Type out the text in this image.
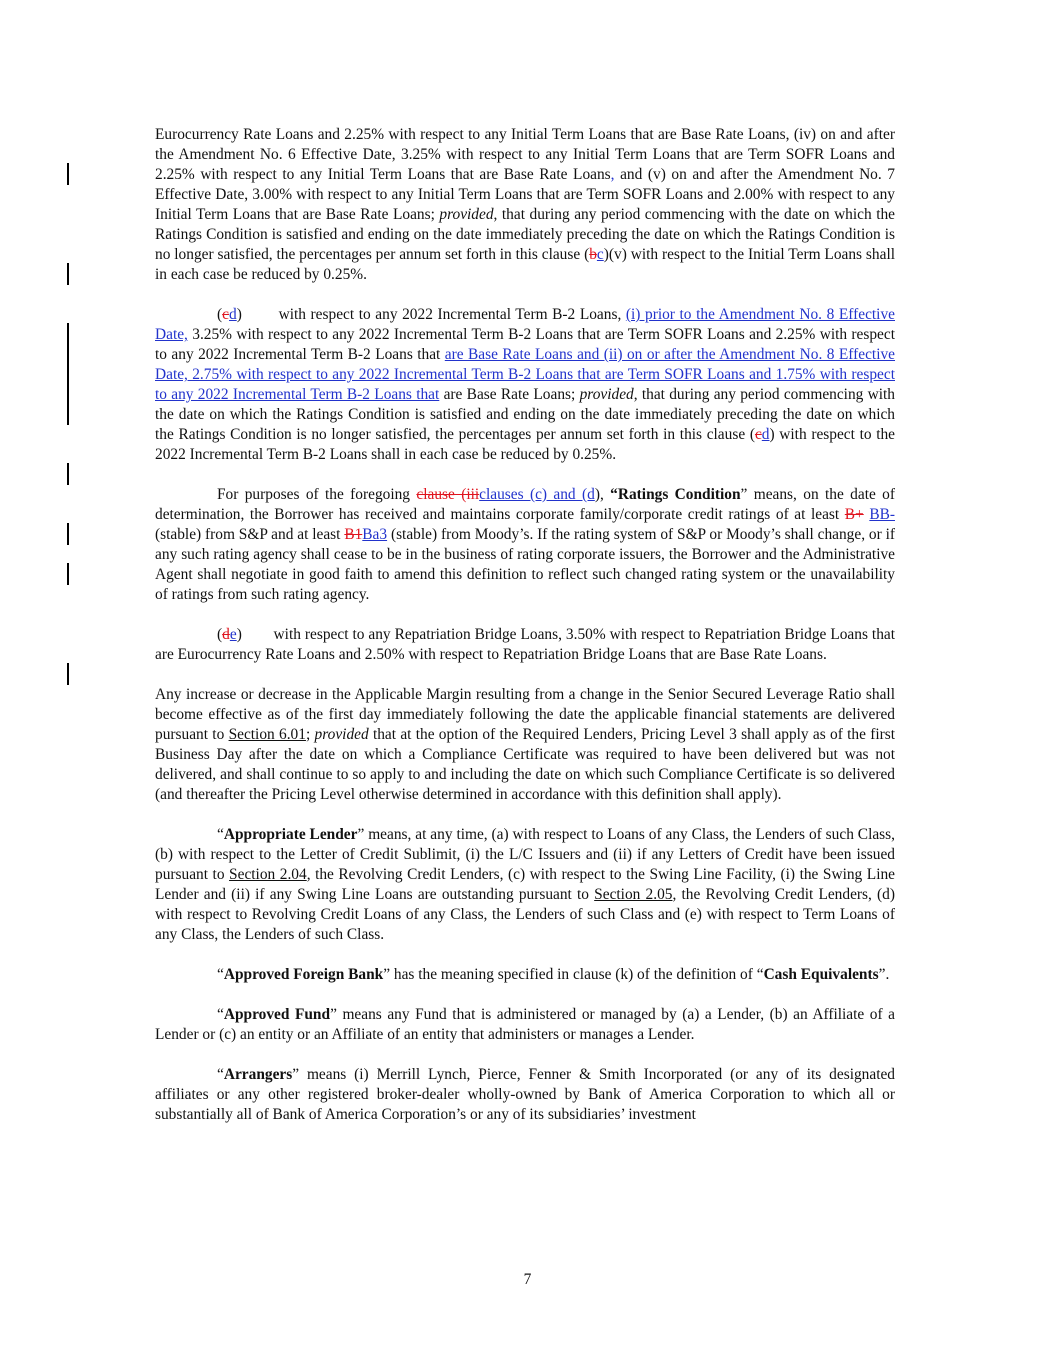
Eurocurrency Rate Loans and 2.25% with respect to any Initial Term Loans that are Base Rate Loans, (iv) on and after the Amendment No. 6 Effective Date, 3.25% with respect to any Initial Term Loans that are Term SOFR Loans and 2.25% with respect to any Initial Term Loans that are Base Rate Loans, and (v) on and after the Amendment No. 7 Effective Date, 3.00% with respect to any Initial Term Loans that are Term SOFR Loans and 2.00% with respect to any Initial Term Loans that are Base Rate Loans; provided, that during any period commencing with the date on which the Ratings Condition is satisfied and ending on the date immediately preceding the date on which the Ratings Condition is no longer satisfied, the percentages per annum set forth in this clause (bc)(v) with respect to the Initial Term Loans shall in each case be reduced by 0.25%.

(cd)        with respect to any 2022 Incremental Term B-2 Loans, (i) prior to the Amendment No. 8 Effective Date, 3.25% with respect to any 2022 Incremental Term B-2 Loans that are Term SOFR Loans and 2.25% with respect to any 2022 Incremental Term B-2 Loans that are Base Rate Loans and (ii) on or after the Amendment No. 8 Effective Date, 2.75% with respect to any 2022 Incremental Term B-2 Loans that are Term SOFR Loans and 1.75% with respect to any 2022 Incremental Term B-2 Loans that are Base Rate Loans; provided, that during any period commencing with the date on which the Ratings Condition is satisfied and ending on the date immediately preceding the date on which the Ratings Condition is no longer satisfied, the percentages per annum set forth in this clause (cd) with respect to the 2022 Incremental Term B-2 Loans shall in each case be reduced by 0.25%.

For purposes of the foregoing clause (iiiclauses (c) and (d), “Ratings Condition” means, on the date of determination, the Borrower has received and maintains corporate family/corporate credit ratings of at least B+ BB- (stable) from S&P and at least B1Ba3 (stable) from Moody’s. If the rating system of S&P or Moody’s shall change, or if any such rating agency shall cease to be in the business of rating corporate issuers, the Borrower and the Administrative Agent shall negotiate in good faith to amend this definition to reflect such changed rating system or the unavailability of ratings from such rating agency.

(de)        with respect to any Repatriation Bridge Loans, 3.50% with respect to Repatriation Bridge Loans that are Eurocurrency Rate Loans and 2.50% with respect to Repatriation Bridge Loans that are Base Rate Loans.

Any increase or decrease in the Applicable Margin resulting from a change in the Senior Secured Leverage Ratio shall become effective as of the first day immediately following the date the applicable financial statements are delivered pursuant to Section 6.01; provided that at the option of the Required Lenders, Pricing Level 3 shall apply as of the first Business Day after the date on which a Compliance Certificate was required to have been delivered but was not delivered, and shall continue to so apply to and including the date on which such Compliance Certificate is so delivered (and thereafter the Pricing Level otherwise determined in accordance with this definition shall apply).

“Appropriate Lender” means, at any time, (a) with respect to Loans of any Class, the Lenders of such Class, (b) with respect to the Letter of Credit Sublimit, (i) the L/C Issuers and (ii) if any Letters of Credit have been issued pursuant to Section 2.04, the Revolving Credit Lenders, (c) with respect to the Swing Line Facility, (i) the Swing Line Lender and (ii) if any Swing Line Loans are outstanding pursuant to Section 2.05, the Revolving Credit Lenders, (d) with respect to Revolving Credit Loans of any Class, the Lenders of such Class and (e) with respect to Term Loans of any Class, the Lenders of such Class.

“Approved Foreign Bank” has the meaning specified in clause (k) of the definition of “Cash Equivalents”.

“Approved Fund” means any Fund that is administered or managed by (a) a Lender, (b) an Affiliate of a Lender or (c) an entity or an Affiliate of an entity that administers or manages a Lender.

“Arrangers” means (i) Merrill Lynch, Pierce, Fenner & Smith Incorporated (or any of its designated affiliates or any other registered broker-dealer wholly-owned by Bank of America Corporation to which all or substantially all of Bank of America Corporation’s or any of its subsidiaries’ investment

7
